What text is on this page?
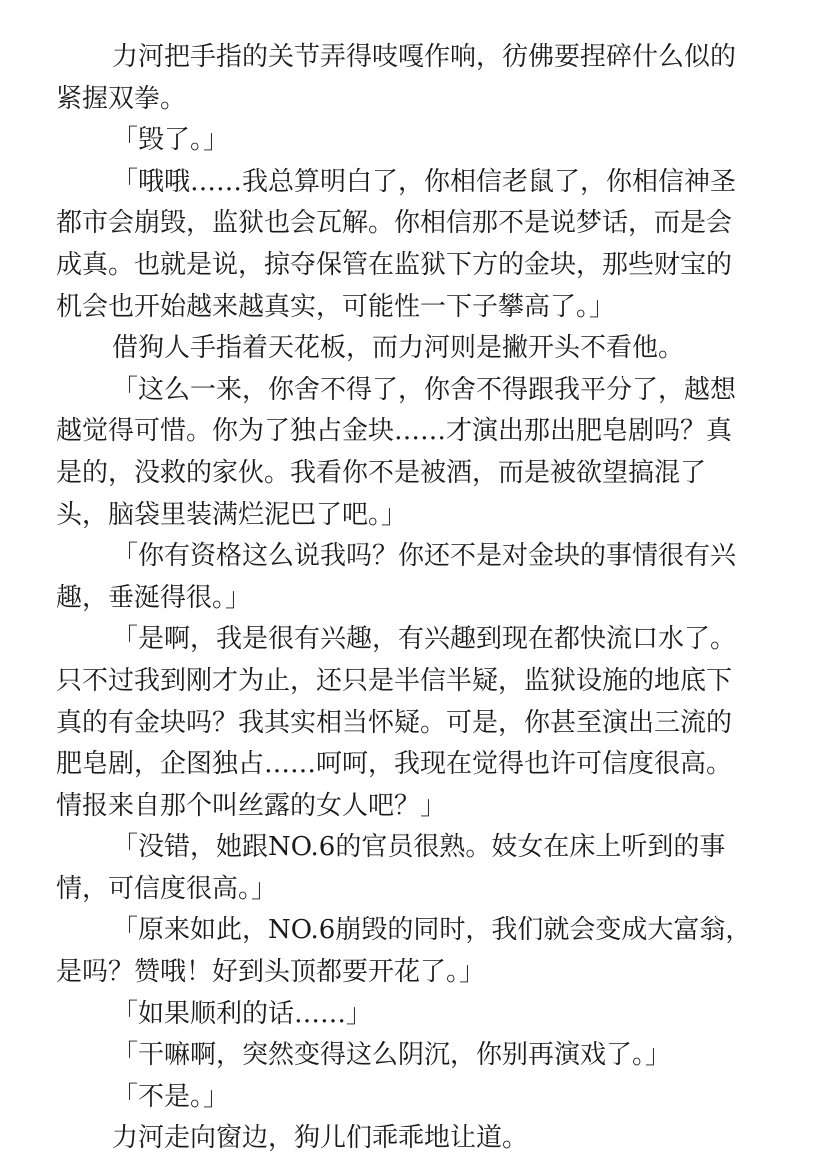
力河把手指的关节弄得吱嘎作响，彷佛要捏碎什么似的
紧握双拳。

「毁了。」

「哦哦……我总算明白了，你相信老鼠了，你相信神圣
都市会崩毁，监狱也会瓦解。你相信那不是说梦话，而是会
成真。也就是说，掠夺保管在监狱下方的金块，那些财宝的
机会也开始越来越真实，可能性一下子攀高了。」

借狗人手指着天花板，而力河则是撇开头不看他。

「这么一来，你舍不得了，你舍不得跟我平分了，越想
越觉得可惜。你为了独占金块……才演出那出肥皂剧吗？真
是的，没救的家伙。我看你不是被酒，而是被欲望搞混了
头，脑袋里装满烂泥巴了吧。」

「你有资格这么说我吗？你还不是对金块的事情很有兴
趣，垂涎得很。」

「是啊，我是很有兴趣，有兴趣到现在都快流口水了。
只不过我到刚才为止，还只是半信半疑，监狱设施的地底下
真的有金块吗？我其实相当怀疑。可是，你甚至演出三流的
肥皂剧，企图独占……呵呵，我现在觉得也许可信度很高。
情报来自那个叫丝露的女人吧？」

「没错，她跟NO.6的官员很熟。妓女在床上听到的事
情，可信度很高。」

「原来如此，NO.6崩毁的同时，我们就会变成大富翁，
是吗？赞哦！好到头顶都要开花了。」

「如果顺利的话……」

「干嘛啊，突然变得这么阴沉，你别再演戏了。」

「不是。」

力河走向窗边，狗儿们乖乖地让道。
